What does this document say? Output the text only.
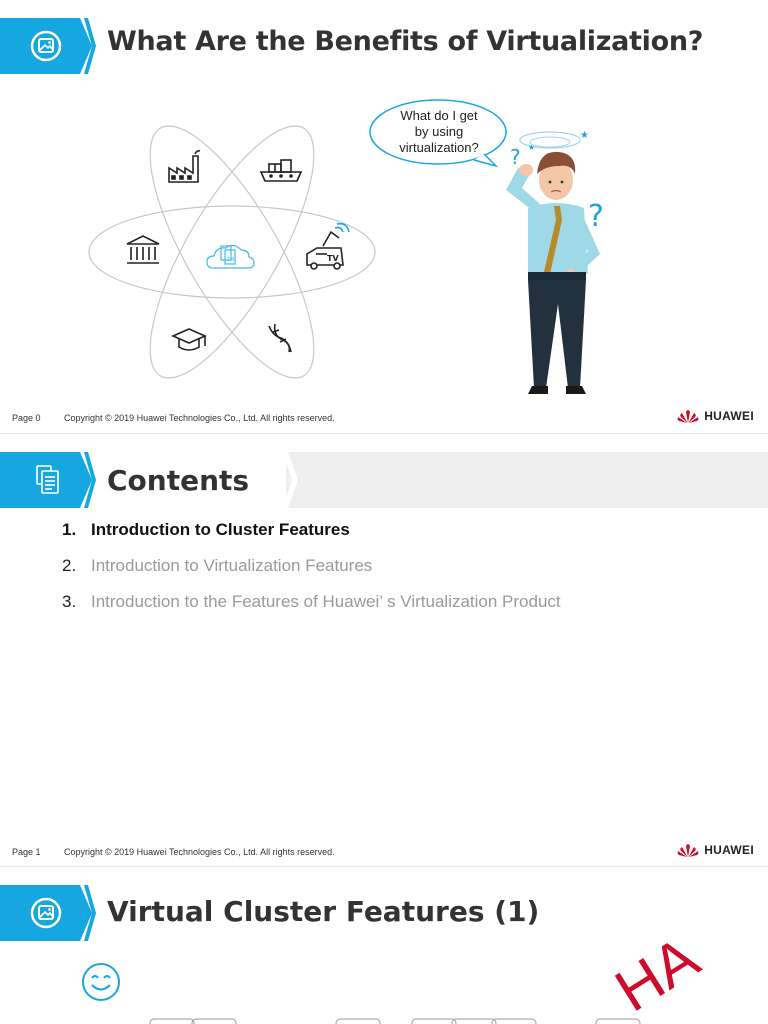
What Are the Benefits of Virtualization?
TM	TV
What do I get
by using
virtualization?
★
★
?
?
Page 0	Copyright © 2019 Huawei Technologies Co., Ltd. All rights reserved.	HUAWEI
Contents
1. Introduction to Cluster Features
2. Introduction to Virtualization Features
3. Introduction to the Features of Huawei’ s Virtualization Product
Page 1	Copyright © 2019 Huawei Technologies Co., Ltd. All rights reserved.	HUAWEI
Virtual Cluster Features (1)
HA
